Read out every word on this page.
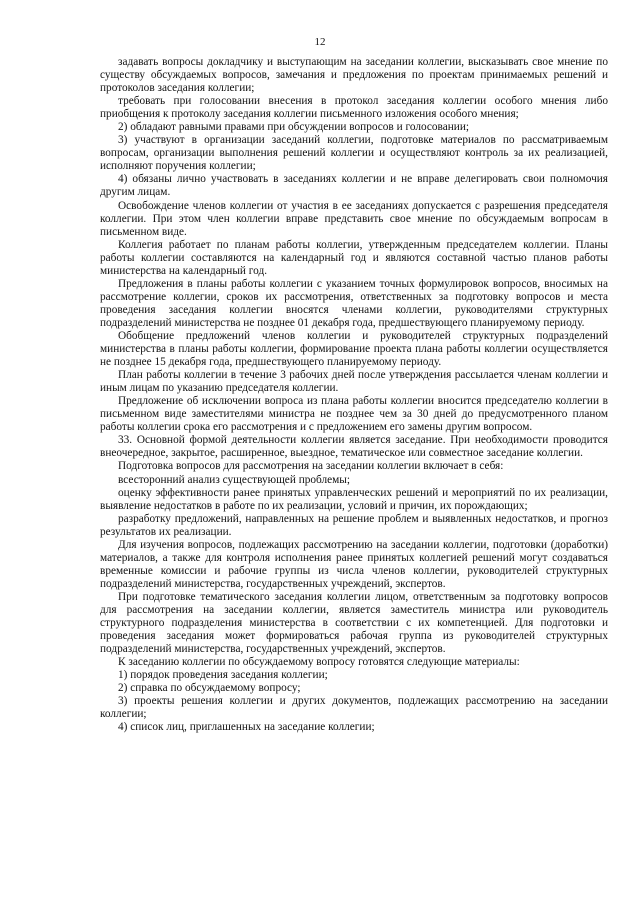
12

задавать вопросы докладчику и выступающим на заседании коллегии, высказывать свое мнение по существу обсуждаемых вопросов, замечания и предложения по проектам принимаемых решений и протоколов заседания коллегии;

требовать при голосовании внесения в протокол заседания коллегии особого мнения либо приобщения к протоколу заседания коллегии письменного изложения особого мнения;

2) обладают равными правами при обсуждении вопросов и голосовании;

3) участвуют в организации заседаний коллегии, подготовке материалов по рассматриваемым вопросам, организации выполнения решений коллегии и осуществляют контроль за их реализацией, исполняют поручения коллегии;

4) обязаны лично участвовать в заседаниях коллегии и не вправе делегировать свои полномочия другим лицам.

Освобождение членов коллегии от участия в ее заседаниях допускается с разрешения председателя коллегии. При этом член коллегии вправе представить свое мнение по обсуждаемым вопросам в письменном виде.

Коллегия работает по планам работы коллегии, утвержденным председателем коллегии. Планы работы коллегии составляются на календарный год и являются составной частью планов работы министерства на календарный год.

Предложения в планы работы коллегии с указанием точных формулировок вопросов, вносимых на рассмотрение коллегии, сроков их рассмотрения, ответственных за подготовку вопросов и места проведения заседания коллегии вносятся членами коллегии, руководителями структурных подразделений министерства не позднее 01 декабря года, предшествующего планируемому периоду.

Обобщение предложений членов коллегии и руководителей структурных подразделений министерства в планы работы коллегии, формирование проекта плана работы коллегии осуществляется не позднее 15 декабря года, предшествующего планируемому периоду.

План работы коллегии в течение 3 рабочих дней после утверждения рассылается членам коллегии и иным лицам по указанию председателя коллегии.

Предложение об исключении вопроса из плана работы коллегии вносится председателю коллегии в письменном виде заместителями министра не позднее чем за 30 дней до предусмотренного планом работы коллегии срока его рассмотрения и с предложением его замены другим вопросом.

33. Основной формой деятельности коллегии является заседание. При необходимости проводится внеочередное, закрытое, расширенное, выездное, тематическое или совместное заседание коллегии.

Подготовка вопросов для рассмотрения на заседании коллегии включает в себя:

всесторонний анализ существующей проблемы;

оценку эффективности ранее принятых управленческих решений и мероприятий по их реализации, выявление недостатков в работе по их реализации, условий и причин, их порождающих;

разработку предложений, направленных на решение проблем и выявленных недостатков, и прогноз результатов их реализации.

Для изучения вопросов, подлежащих рассмотрению на заседании коллегии, подготовки (доработки) материалов, а также для контроля исполнения ранее принятых коллегией решений могут создаваться временные комиссии и рабочие группы из числа членов коллегии, руководителей структурных подразделений министерства, государственных учреждений, экспертов.

При подготовке тематического заседания коллегии лицом, ответственным за подготовку вопросов для рассмотрения на заседании коллегии, является заместитель министра или руководитель структурного подразделения министерства в соответствии с их компетенцией. Для подготовки и проведения заседания может формироваться рабочая группа из руководителей структурных подразделений министерства, государственных учреждений, экспертов.

К заседанию коллегии по обсуждаемому вопросу готовятся следующие материалы:

1) порядок проведения заседания коллегии;

2) справка по обсуждаемому вопросу;

3) проекты решения коллегии и других документов, подлежащих рассмотрению на заседании коллегии;

4) список лиц, приглашенных на заседание коллегии;
